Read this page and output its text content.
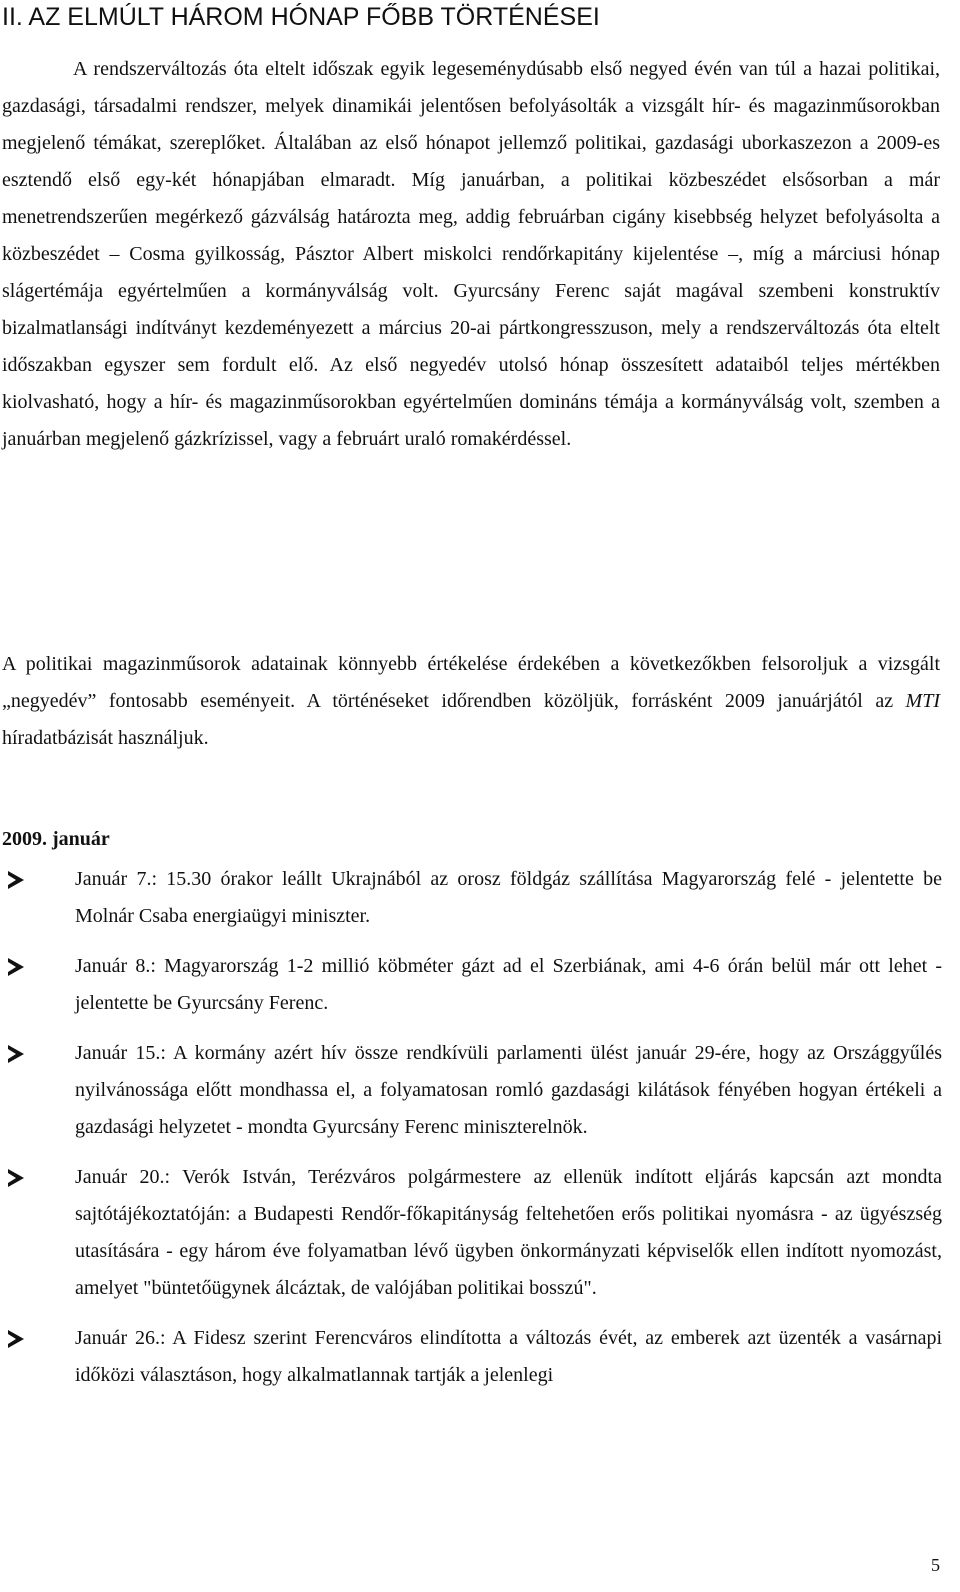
II. AZ ELMÚLT HÁROM HÓNAP FŐBB TÖRTÉNÉSEI

A rendszerváltozás óta eltelt időszak egyik legeseménydúsabb első negyed évén van túl a hazai politikai, gazdasági, társadalmi rendszer, melyek dinamikái jelentősen befolyásolták a vizsgált hír- és magazinműsorokban megjelenő témákat, szereplőket. Általában az első hónapot jellemző politikai, gazdasági uborkaszezon a 2009-es esztendő első egy-két hónapjában elmaradt. Míg januárban, a politikai közbeszédet elsősorban a már menetrendszerűen megérkező gázválság határozta meg, addig februárban cigány kisebbség helyzet befolyásolta a közbeszédet – Cosma gyilkosság, Pásztor Albert miskolci rendőrkapitány kijelentése –, míg a márciusi hónap slágertémája egyértelműen a kormányválság volt. Gyurcsány Ferenc saját magával szembeni konstruktív bizalmatlansági indítványt kezdeményezett a március 20-ai pártkongresszuson, mely a rendszerváltozás óta eltelt időszakban egyszer sem fordult elő. Az első negyedév utolsó hónap összesített adataiból teljes mértékben kiolvasható, hogy a hír- és magazinműsorokban egyértelműen domináns témája a kormányválság volt, szemben a januárban megjelenő gázkrízissel, vagy a februárt uraló romakérdéssel.

A politikai magazinműsorok adatainak könnyebb értékelése érdekében a következőkben felsoroljuk a vizsgált „negyedév” fontosabb eseményeit. A történéseket időrendben közöljük, forrásként 2009 januárjától az MTI híradatbázisát használjuk.

2009. január
Január 7.: 15.30 órakor leállt Ukrajnából az orosz földgáz szállítása Magyarország felé - jelentette be Molnár Csaba energiaügyi miniszter.
Január 8.: Magyarország 1-2 millió köbméter gázt ad el Szerbiának, ami 4-6 órán belül már ott lehet - jelentette be Gyurcsány Ferenc.
Január 15.: A kormány azért hív össze rendkívüli parlamenti ülést január 29-ére, hogy az Országgyűlés nyilvánossága előtt mondhassa el, a folyamatosan romló gazdasági kilátások fényében hogyan értékeli a gazdasági helyzetet - mondta Gyurcsány Ferenc miniszterelnök.
Január 20.: Verók István, Terézváros polgármestere az ellenük indított eljárás kapcsán azt mondta sajtótájékoztatóján: a Budapesti Rendőr-főkapitányság feltehetően erős politikai nyomásra - az ügyészség utasítására - egy három éve folyamatban lévő ügyben önkormányzati képviselők ellen indított nyomozást, amelyet "büntetőügynek álcáztak, de valójában politikai bosszú".
Január 26.: A Fidesz szerint Ferencváros elindította a változás évét, az emberek azt üzenték a vasárnapi időközi választáson, hogy alkalmatlannak tartják a jelenlegi
5
